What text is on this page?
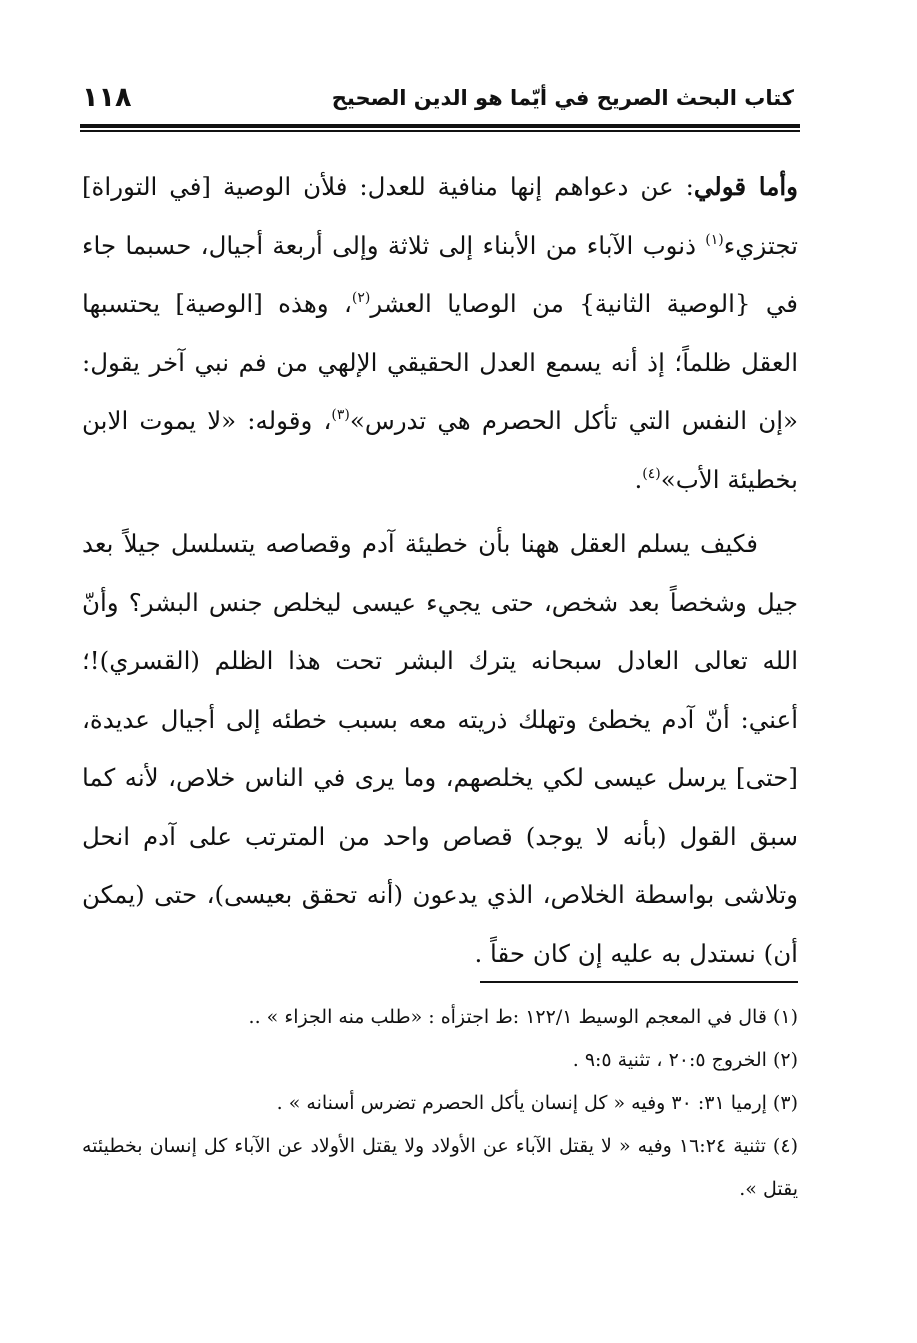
كتاب البحث الصريح في أيّما هو الدين الصحيح
١١٨

وأما قولي: عن دعواهم إنها منافية للعدل: فلأن الوصية [في التوراة] تجتزيء$^{(١)}$ ذنوب الآباء من الأبناء إلى ثلاثة وإلى أربعة أجيال، حسبما جاء في {الوصية الثانية} من الوصايا العشر$^{(٢)}$، وهذه [الوصية] يحتسبها العقل ظلماً؛ إذ أنه يسمع العدل الحقيقي الإلهي من فم نبي آخر يقول: «إن النفس التي تأكل الحصرم هي تدرس»$^{(٣)}$، وقوله: «لا يموت الابن بخطيئة الأب»$^{(٤)}$.

فكيف يسلم العقل ههنا بأن خطيئة آدم وقصاصه يتسلسل جيلاً بعد جيل وشخصاً بعد شخص، حتى يجيء عيسى ليخلص جنس البشر؟ وأنّ الله تعالى العادل سبحانه يترك البشر تحت هذا الظلم (القسري)!؛ أعني: أنّ آدم يخطئ وتهلك ذريته معه بسبب خطئه إلى أجيال عديدة، [حتى] يرسل عيسى لكي يخلصهم، وما يرى في الناس خلاص، لأنه كما سبق القول (بأنه لا يوجد) قصاص واحد من المترتب على آدم انحل وتلاشى بواسطة الخلاص، الذي يدعون (أنه تحقق بعيسى)، حتى (يمكن أن) نستدل به عليه إن كان حقاً .

(١) قال في المعجم الوسيط ١٢٢/١ :ط اجتزأه : «طلب منه الجزاء » ..

(٢) الخروج ٢٠:٥ ، تثنية ٩:٥ .

(٣) إرميا ٣١: ٣٠ وفيه « كل إنسان يأكل الحصرم تضرس أسنانه » .

(٤) تثنية ١٦:٢٤ وفيه « لا يقتل الآباء عن الأولاد ولا يقتل الأولاد عن الآباء كل إنسان بخطيئته يقتل ».
